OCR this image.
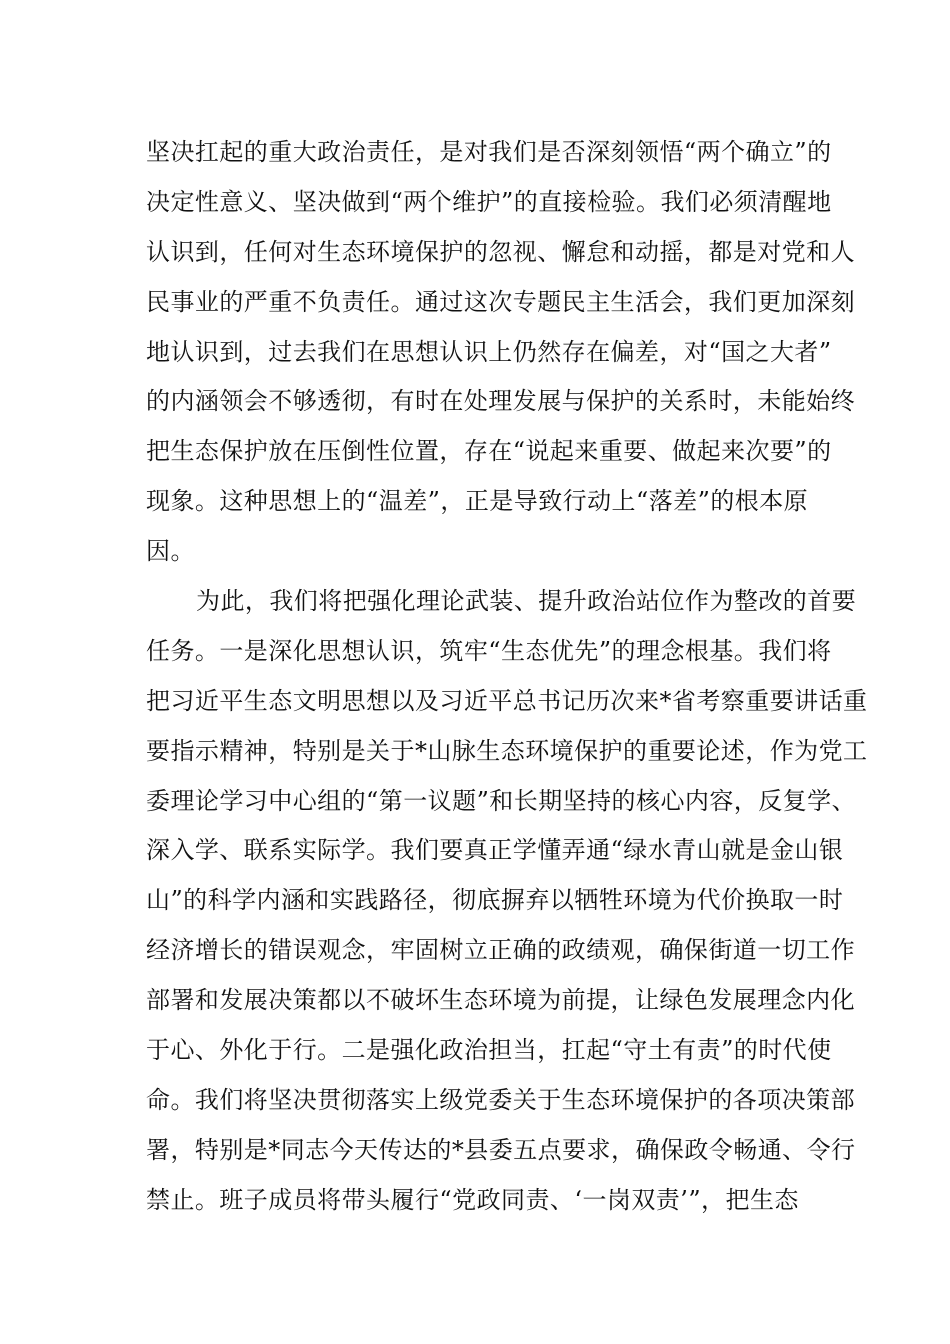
坚决扛起的重大政治责任，是对我们是否深刻领悟“两个确立”的
决定性意义、坚决做到“两个维护”的直接检验。我们必须清醒地
认识到，任何对生态环境保护的忽视、懈怠和动摇，都是对党和人
民事业的严重不负责任。通过这次专题民主生活会，我们更加深刻
地认识到，过去我们在思想认识上仍然存在偏差，对“国之大者”
的内涵领会不够透彻，有时在处理发展与保护的关系时，未能始终
把生态保护放在压倒性位置，存在“说起来重要、做起来次要”的
现象。这种思想上的“温差”，正是导致行动上“落差”的根本原
因。
为此，我们将把强化理论武装、提升政治站位作为整改的首要
任务。一是深化思想认识，筑牢“生态优先”的理念根基。我们将
把习近平生态文明思想以及习近平总书记历次来*省考察重要讲话重
要指示精神，特别是关于*山脉生态环境保护的重要论述，作为党工
委理论学习中心组的“第一议题”和长期坚持的核心内容，反复学、
深入学、联系实际学。我们要真正学懂弄通“绿水青山就是金山银
山”的科学内涵和实践路径，彻底摒弃以牺牲环境为代价换取一时
经济增长的错误观念，牢固树立正确的政绩观，确保街道一切工作
部署和发展决策都以不破坏生态环境为前提，让绿色发展理念内化
于心、外化于行。二是强化政治担当，扛起“守土有责”的时代使
命。我们将坚决贯彻落实上级党委关于生态环境保护的各项决策部
署，特别是*同志今天传达的*县委五点要求，确保政令畅通、令行
禁止。班子成员将带头履行“党政同责、‘一岗双责’”，把生态
